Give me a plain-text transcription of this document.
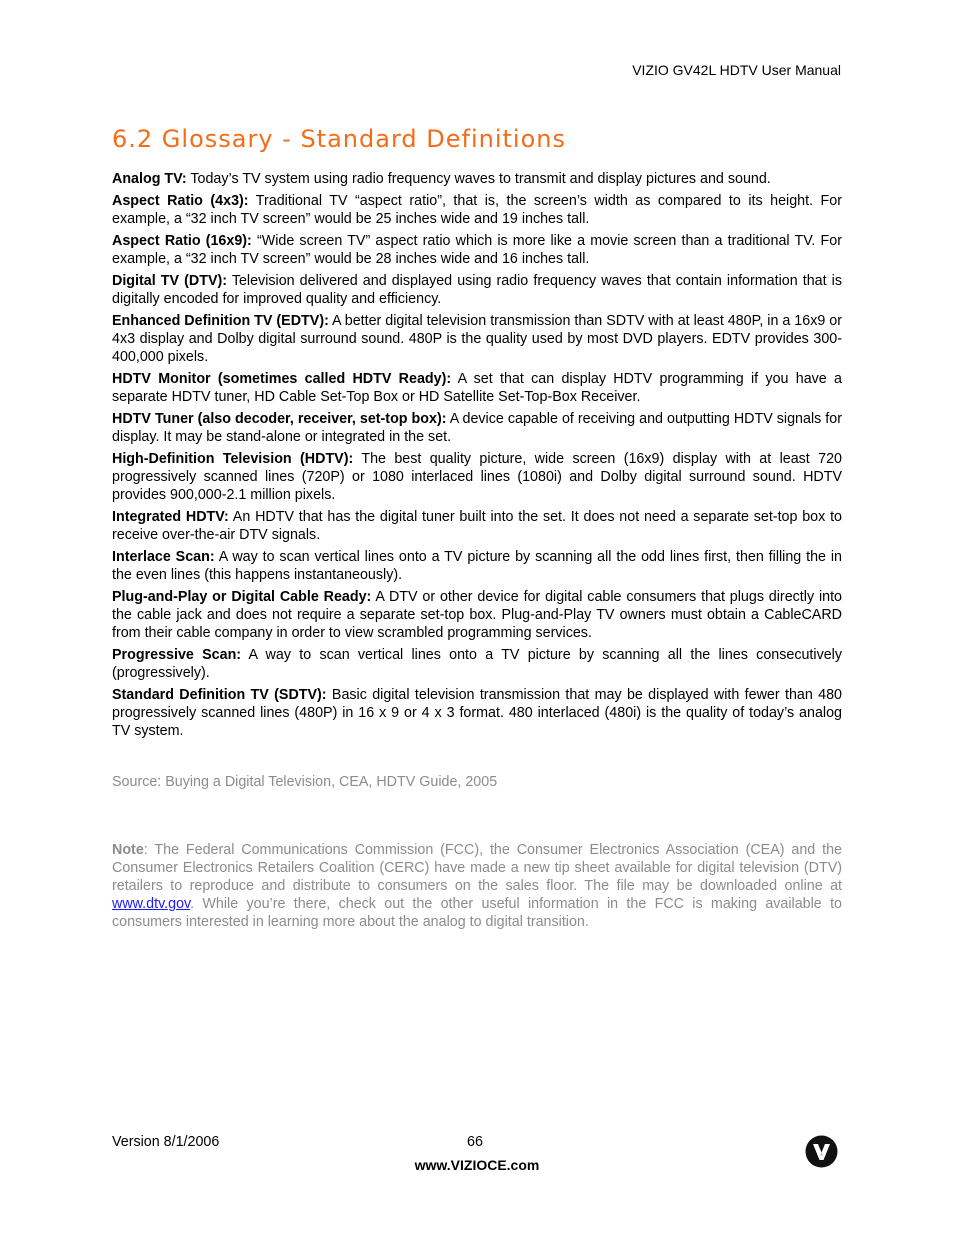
VIZIO GV42L HDTV User Manual
6.2 Glossary - Standard Definitions

Analog TV: Today’s TV system using radio frequency waves to transmit and display pictures and sound.

Aspect Ratio (4x3): Traditional TV “aspect ratio”, that is, the screen’s width as compared to its height. For example, a “32 inch TV screen” would be 25 inches wide and 19 inches tall.

Aspect Ratio (16x9): “Wide screen TV” aspect ratio which is more like a movie screen than a traditional TV. For example, a “32 inch TV screen” would be 28 inches wide and 16 inches tall.

Digital TV (DTV): Television delivered and displayed using radio frequency waves that contain information that is digitally encoded for improved quality and efficiency.

Enhanced Definition TV (EDTV): A better digital television transmission than SDTV with at least 480P, in a 16x9 or 4x3 display and Dolby digital surround sound. 480P is the quality used by most DVD players. EDTV provides 300-400,000 pixels.

HDTV Monitor (sometimes called HDTV Ready): A set that can display HDTV programming if you have a separate HDTV tuner, HD Cable Set-Top Box or HD Satellite Set-Top-Box Receiver.

HDTV Tuner (also decoder, receiver, set-top box): A device capable of receiving and outputting HDTV signals for display. It may be stand-alone or integrated in the set.

High-Definition Television (HDTV): The best quality picture, wide screen (16x9) display with at least 720 progressively scanned lines (720P) or 1080 interlaced lines (1080i) and Dolby digital surround sound. HDTV provides 900,000-2.1 million pixels.

Integrated HDTV: An HDTV that has the digital tuner built into the set. It does not need a separate set-top box to receive over-the-air DTV signals.

Interlace Scan: A way to scan vertical lines onto a TV picture by scanning all the odd lines first, then filling the in the even lines (this happens instantaneously).

Plug-and-Play or Digital Cable Ready: A DTV or other device for digital cable consumers that plugs directly into the cable jack and does not require a separate set-top box. Plug-and-Play TV owners must obtain a CableCARD from their cable company in order to view scrambled programming services.

Progressive Scan: A way to scan vertical lines onto a TV picture by scanning all the lines consecutively (progressively).

Standard Definition TV (SDTV): Basic digital television transmission that may be displayed with fewer than 480 progressively scanned lines (480P) in 16 x 9 or 4 x 3 format. 480 interlaced (480i) is the quality of today’s analog TV system.

Source: Buying a Digital Television, CEA, HDTV Guide, 2005
Note: The Federal Communications Commission (FCC), the Consumer Electronics Association (CEA) and the Consumer Electronics Retailers Coalition (CERC) have made a new tip sheet available for digital television (DTV) retailers to reproduce and distribute to consumers on the sales floor. The file may be downloaded online at www.dtv.gov. While you’re there, check out the other useful information in the FCC is making available to consumers interested in learning more about the analog to digital transition.
Version 8/1/2006	66
www.VIZIOCE.com
